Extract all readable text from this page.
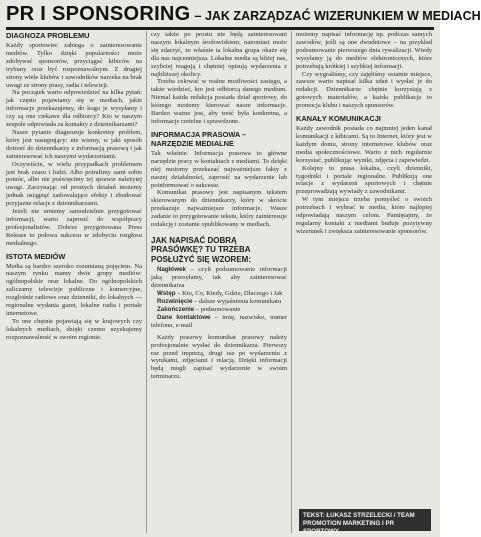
PR I SPONSORING – JAK ZARZĄDZAĆ WIZERUNKIEM W MEDIACH
DIAGNOZA PROBLEMU

Każdy sportowiec zabiega o zainteresowanie mediów. Tylko dzięki popularności może zdobywać sponsorów, przyciągać kibiców na trybuny oraz być rozpoznawalnym. Z drugiej strony wiele klubów i zawodników narzeka na brak uwagi ze strony prasy, radia i telewizji.

Na początek warto odpowiedzieć na kilka pytań: jak często pojawiamy się w mediach, jakie informacje przekazujemy, do kogo je wysyłamy i czy są one ciekawe dla odbiorcy? Kto w naszym zespole odpowiada za kontakty z dziennikarzami?

Nasze pytanie diagnozuje konkretny problem, który jest następujący: nie wiemy, w jaki sposób dotrzeć do dziennikarzy z informacją prasową i jak zainteresować ich naszymi wydarzeniami.

Oczywiście, w wielu przypadkach problemem jest brak czasu i ludzi. Albo potrafimy sami sobie pomóc, albo nie poświęcimy tej sprawie należytej uwagi. Zaczynając od prostych działań możemy jednak osiągnąć zadowalające efekty i zbudować przyjazne relacje z dziennikarzami.

Jeżeli nie umiemy samodzielnie przygotować informacji, warto zaprosić do współpracy profesjonalistów. Dobrze przygotowana Press Release to połowa sukcesu w zdobyciu rozgłosu medialnego.

ISTOTA MEDIÓW

Media są bardzo szeroko rozumianą pojęciem. Na naszym rynku mamy dwie grupy mediów: ogólnopolskie oraz lokalne. Do ogólnopolskich zaliczamy telewizje publiczne i komercyjne, rozgłośnie radiowe oraz dzienniki, do lokalnych — regionalne wydania gazet, lokalne radia i portale internetowe.

To one chętnie pojawiają się w krajowych czy lokalnych mediach, dzięki czemu uzyskujemy rozpoznawalność w swoim regionie.

czy także po prostu nie będą zainteresowani naszym lokalnym środowiskiem, natomiast może się zdarzyć, że właśnie ta lokalna grupa okaże się dla nas najcenniejsza. Lokalne media są bliżej nas, szybciej reagują i chętniej opisują wydarzenia z najbliższej okolicy.

Trzeba celować w realne możliwości zasięgu, a także wiedzieć, kto jest odbiorcą danego medium. Niemal każda redakcja posiada dział sportowy, do którego możemy kierować nasze informacje. Bardzo ważne jest, aby treść była konkretna, a informacje rzetelne i sprawdzone.

INFORMACJA PRASOWA – NARZĘDZIE MEDIALNE

Tak właśnie. Informacja prasowa to główne narzędzie pracy w kontaktach z mediami. To dzięki niej możemy przekazać najważniejsze fakty z naszej działalności, zaprosić na wydarzenie lub poinformować o sukcesie.

Komunikat prasowy jest napisanym tekstem skierowanym do dziennikarzy, który w skrócie przekazuje najważniejsze informacje. Wasze zadanie to przygotowanie tekstu, który zainteresuje redakcję i zostanie opublikowany w mediach.

JAK NAPISAĆ DOBRĄ PRASÓWKĘ? TU TRZEBA POSŁUŻYĆ SIĘ WZOREM:

Nagłówek – czyli podsumowanie informacji jaką przesyłamy, tak aby zainteresować dziennikarza

Wstęp – Kto, Co, Kiedy, Gdzie, Dlaczego i Jak

Rozwinięcie – dalsze wyjaśnienia komunikatu

Zakończenie – podsumowanie

Dane kontaktowe – imię, nazwisko, numer telefonu, e-mail

Każdy prasowy komunikat prasowy należy profesjonalnie wysłać do dziennikarza. Pierwszy raz przed imprezą, drugi raz po wydarzeniu z wynikami, zdjęciami i relacją. Dzięki informacji będą mogli zapisać wydarzenie w swoim terminarzu.

możemy napisać informację np. podczas samych zawodów, jeśli są one dwudniowe – na przykład podsumowanie pierwszego dnia rywalizacji. Wtedy wysyłamy ją do mediów elektronicznych, które potrzebują krótkiej i szybkiej informacji.

Czy wygraliśmy, czy zajęliśmy ostatnie miejsce, zawsze warto napisać kilka zdań i wysłać je do redakcji. Dziennikarze chętnie korzystają z gotowych materiałów, a każda publikacja to promocja klubu i naszych sponsorów.

KANAŁY KOMUNIKACJI

Każdy zawodnik posiada co najmniej jeden kanał komunikacji z kibicami. Są to Internet, który jest w każdym domu, strony internetowe klubów oraz media społecznościowe. Warto z nich regularnie korzystać, publikując wyniki, zdjęcia i zapowiedzi.

Kolejny to prasa lokalna, czyli dzienniki, tygodniki i portale regionalne. Publikują one relacje z wydarzeń sportowych i chętnie przeprowadzają wywiady z zawodnikami.

W tym miejscu trzeba pomyśleć o swoich potrzebach i wybrać te media, które najlepiej odpowiadają naszym celom. Pamiętajmy, że regularny kontakt z mediami buduje pozytywny wizerunek i zwiększa zainteresowanie sponsorów.

TEKST: ŁUKASZ STRZELECKI / TEAM
PROMOTION MARKETING I PR SPORTOWY
